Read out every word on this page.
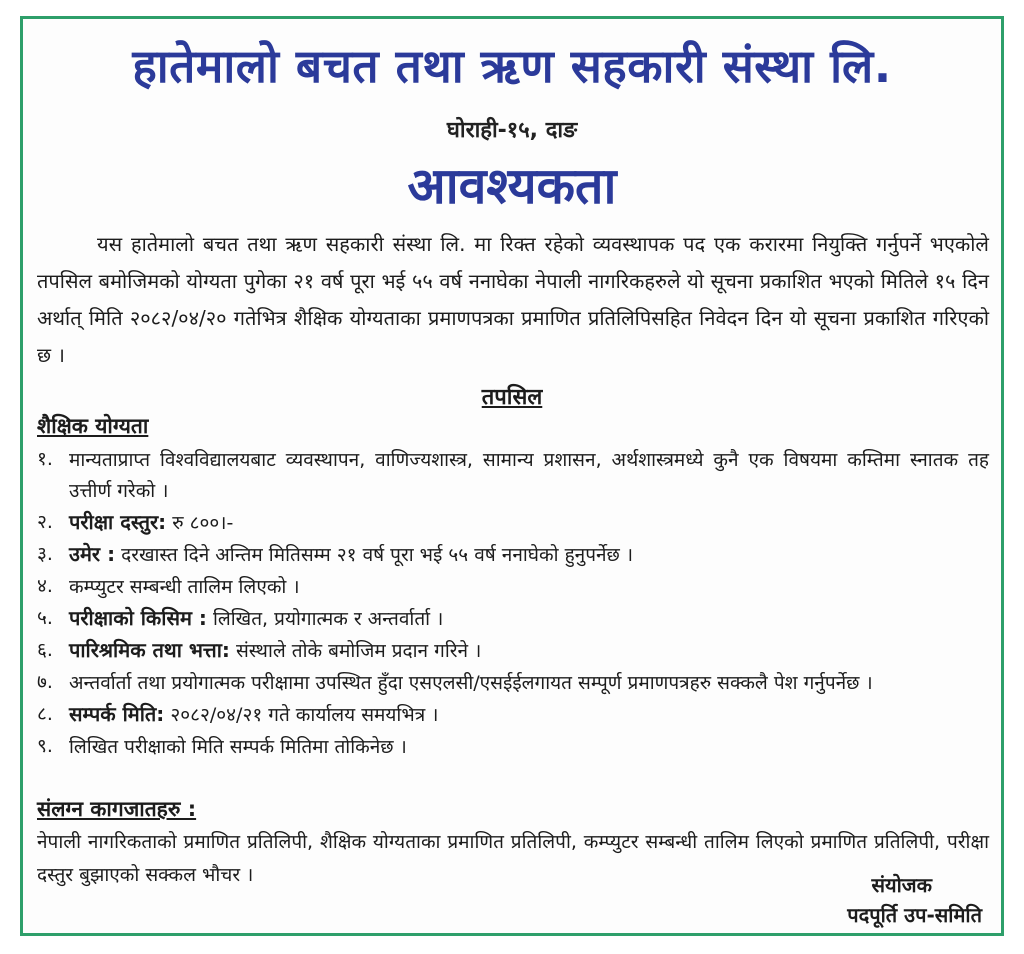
हातेमालो बचत तथा ऋण सहकारी संस्था लि.
घोराही-१५, दाङ
आवश्यकता

यस हातेमालो बचत तथा ऋण सहकारी संस्था लि. मा रिक्त रहेको व्यवस्थापक पद एक करारमा नियुक्ति गर्नुपर्ने भएकोले तपसिल बमोजिमको योग्यता पुगेका २१ वर्ष पूरा भई ५५ वर्ष ननाघेका नेपाली नागरिकहरुले यो सूचना प्रकाशित भएको मितिले १५ दिन अर्थात् मिति २०८२/०४/२० गतेभित्र शैक्षिक योग्यताका प्रमाणपत्रका प्रमाणित प्रतिलिपिसहित निवेदन दिन यो सूचना प्रकाशित गरिएको छ ।

तपसिल
शैक्षिक योग्यता
१. मान्यताप्राप्त विश्वविद्यालयबाट व्यवस्थापन, वाणिज्यशास्त्र, सामान्य प्रशासन, अर्थशास्त्रमध्ये कुनै एक विषयमा कम्तिमा स्नातक तह उत्तीर्ण गरेको ।
२. परीक्षा दस्तुर: रु ८००।-
३. उमेर : दरखास्त दिने अन्तिम मितिसम्म २१ वर्ष पूरा भई ५५ वर्ष ननाघेको हुनुपर्नेछ ।
४. कम्प्युटर सम्बन्धी तालिम लिएको ।
५. परीक्षाको किसिम : लिखित, प्रयोगात्मक र अन्तर्वार्ता ।
६. पारिश्रमिक तथा भत्ता: संस्थाले तोके बमोजिम प्रदान गरिने ।
७. अन्तर्वार्ता तथा प्रयोगात्मक परीक्षामा उपस्थित हुँदा एसएलसी/एसईईलगायत सम्पूर्ण प्रमाणपत्रहरु सक्कलै पेश गर्नुपर्नेछ ।
८. सम्पर्क मिति: २०८२/०४/२१ गते कार्यालय समयभित्र ।
९. लिखित परीक्षाको मिति सम्पर्क मितिमा तोकिनेछ ।
संलग्न कागजातहरु :

नेपाली नागरिकताको प्रमाणित प्रतिलिपी, शैक्षिक योग्यताका प्रमाणित प्रतिलिपी, कम्प्युटर सम्बन्धी तालिम लिएको प्रमाणित प्रतिलिपी, परीक्षा दस्तुर बुझाएको सक्कल भौचर ।	संयोजक
पदपूर्ति उप-समिति
